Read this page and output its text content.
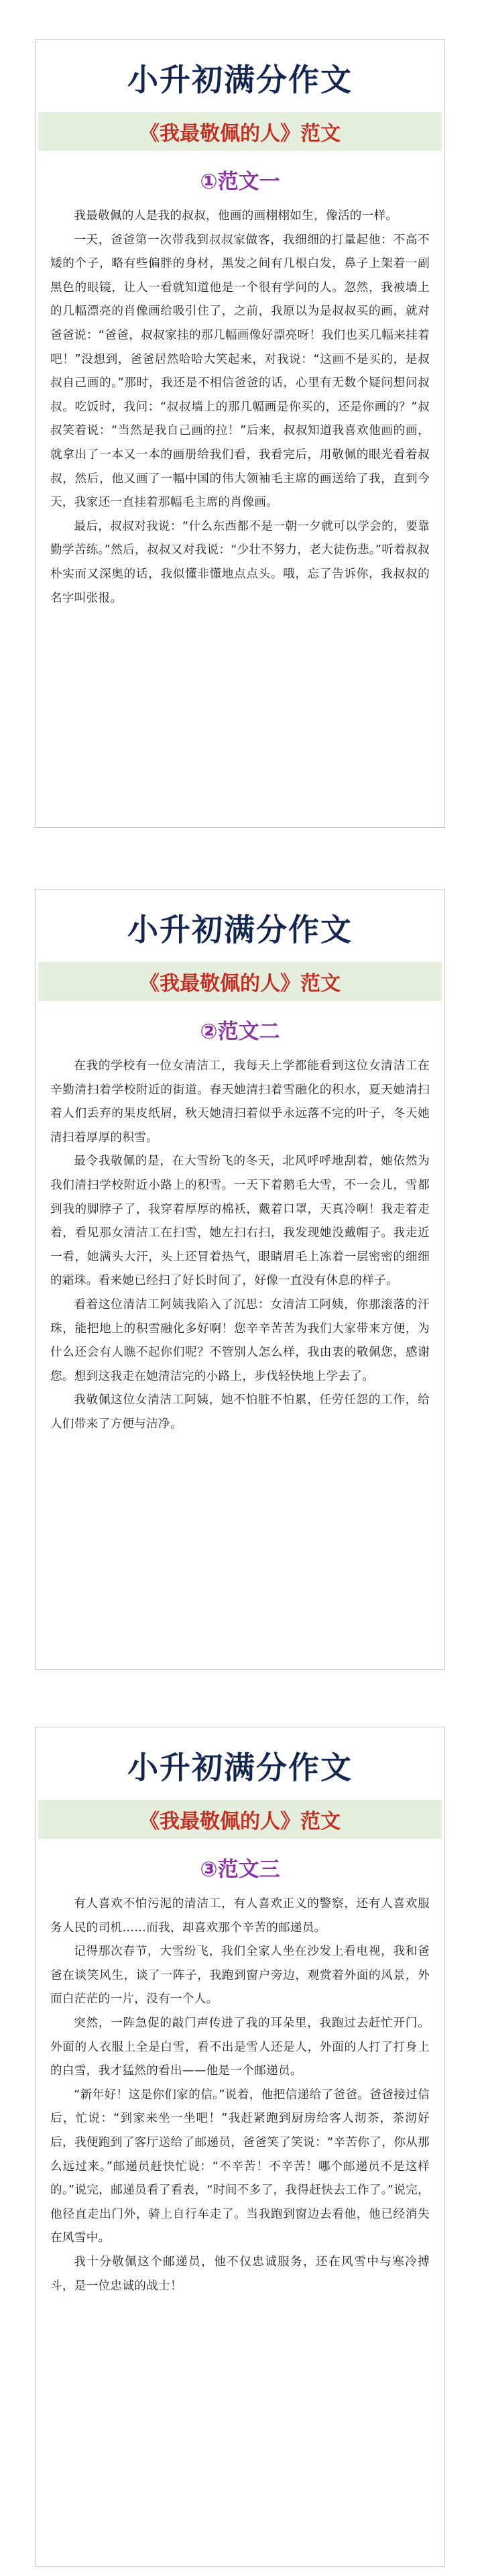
小升初满分作文
《我最敬佩的人》范文
①范文一

我最敬佩的人是我的叔叔，他画的画栩栩如生，像活的一样。

一天，爸爸第一次带我到叔叔家做客，我细细的打量起他：不高不矮的个子，略有些偏胖的身材，黑发之间有几根白发，鼻子上架着一副黑色的眼镜，让人一看就知道他是一个很有学问的人。忽然，我被墙上的几幅漂亮的肖像画给吸引住了，之前，我原以为是叔叔买的画，就对爸爸说：“爸爸，叔叔家挂的那几幅画像好漂亮呀！我们也买几幅来挂着吧！”没想到，爸爸居然哈哈大笑起来，对我说：“这画不是买的，是叔叔自己画的。”那时，我还是不相信爸爸的话，心里有无数个疑问想问叔叔。吃饭时，我问：“叔叔墙上的那几幅画是你买的，还是你画的？”叔叔笑着说：“当然是我自己画的拉！”后来，叔叔知道我喜欢他画的画，就拿出了一本又一本的画册给我们看，我看完后，用敬佩的眼光看着叔叔，然后，他又画了一幅中国的伟大领袖毛主席的画送给了我，直到今天，我家还一直挂着那幅毛主席的肖像画。

最后，叔叔对我说：“什么东西都不是一朝一夕就可以学会的，要靠勤学苦练。”然后，叔叔又对我说：“少壮不努力，老大徒伤悲。”听着叔叔朴实而又深奥的话，我似懂非懂地点点头。哦，忘了告诉你，我叔叔的名字叫张报。

小升初满分作文
《我最敬佩的人》范文
②范文二

在我的学校有一位女清洁工，我每天上学都能看到这位女清洁工在辛勤清扫着学校附近的街道。春天她清扫着雪融化的积水，夏天她清扫着人们丢弃的果皮纸屑，秋天她清扫着似乎永远落不完的叶子，冬天她清扫着厚厚的积雪。

最令我敬佩的是，在大雪纷飞的冬天，北风呼呼地刮着，她依然为我们清扫学校附近小路上的积雪。一天下着鹅毛大雪，不一会儿，雪都到我的脚脖子了，我穿着厚厚的棉袄，戴着口罩，天真冷啊！我走着走着，看见那女清洁工在扫雪，她左扫右扫，我发现她没戴帽子。我走近一看，她满头大汗，头上还冒着热气，眼睛眉毛上冻着一层密密的细细的霜珠。看来她已经扫了好长时间了，好像一直没有休息的样子。

看着这位清洁工阿姨我陷入了沉思：女清洁工阿姨，你那滚落的汗珠，能把地上的积雪融化多好啊！您辛辛苦苦为我们大家带来方便，为什么还会有人瞧不起你们呢？不管别人怎么样，我由衷的敬佩您，感谢您。想到这我走在她清洁完的小路上，步伐轻快地上学去了。

我敬佩这位女清洁工阿姨，她不怕脏不怕累，任劳任怨的工作，给人们带来了方便与洁净。

小升初满分作文
《我最敬佩的人》范文
③范文三

有人喜欢不怕污泥的清洁工，有人喜欢正义的警察，还有人喜欢服务人民的司机……而我，却喜欢那个辛苦的邮递员。

记得那次春节，大雪纷飞，我们全家人坐在沙发上看电视，我和爸爸在谈笑风生，谈了一阵子，我跑到窗户旁边，观赏着外面的风景，外面白茫茫的一片，没有一个人。

突然，一阵急促的敲门声传进了我的耳朵里，我跑过去赶忙开门。外面的人衣服上全是白雪，看不出是雪人还是人，外面的人打了打身上的白雪，我才猛然的看出——他是一个邮递员。

“新年好！这是你们家的信。”说着，他把信递给了爸爸。爸爸接过信后，忙说：“到家来坐一坐吧！”我赶紧跑到厨房给客人沏茶，茶沏好后，我便跑到了客厅送给了邮递员，爸爸笑了笑说：“辛苦你了，你从那么远过来。”邮递员赶快忙说：“不辛苦！不辛苦！哪个邮递员不是这样的。”说完，邮递员看了看表，“时间不多了，我得赶快去工作了。”说完，他径直走出门外，骑上自行车走了。当我跑到窗边去看他，他已经消失在风雪中。

我十分敬佩这个邮递员，他不仅忠诚服务，还在风雪中与寒冷搏斗，是一位忠诚的战士！
